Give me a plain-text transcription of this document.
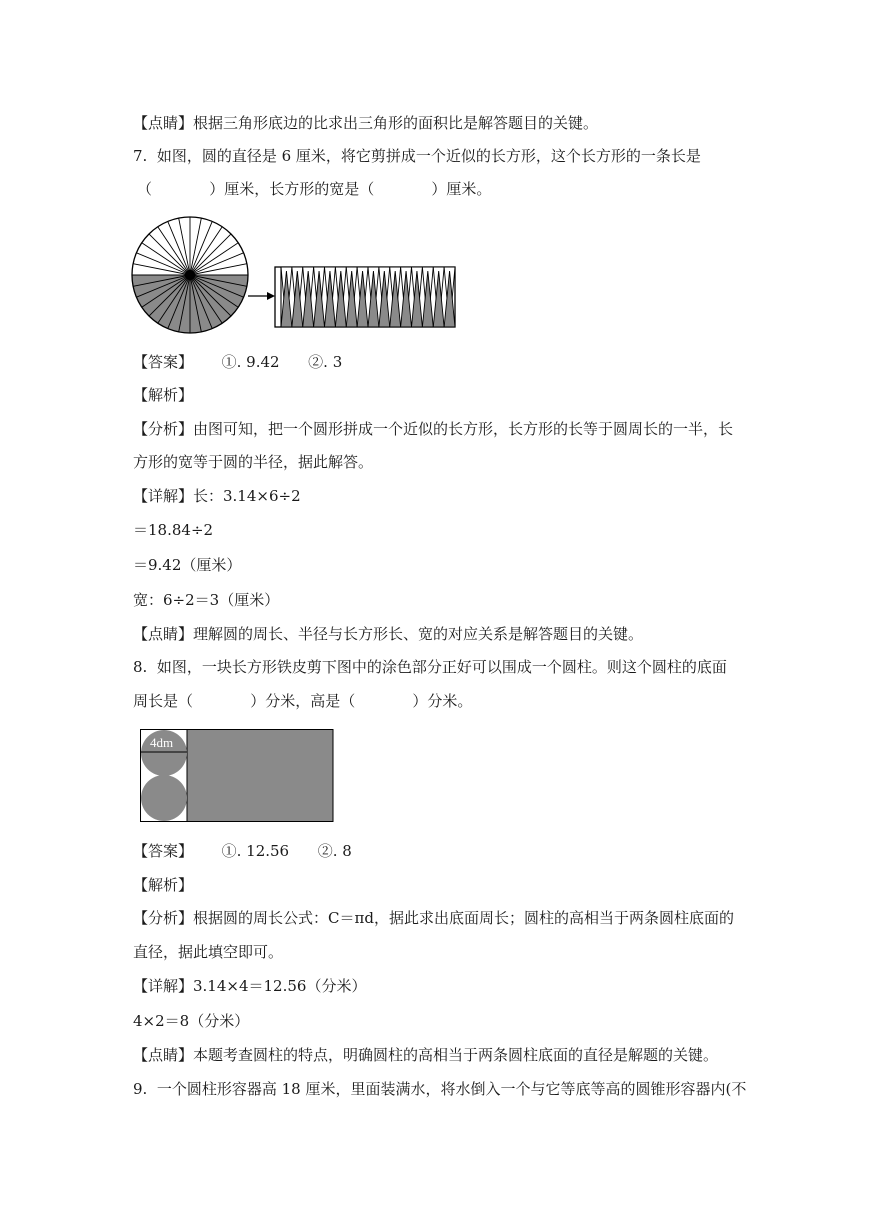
【点睛】根据三角形底边的比求出三角形的面积比是解答题目的关键。
7.  如图，圆的直径是 6 厘米，将它剪拼成一个近似的长方形，这个长方形的一条长是
（            ）厘米，长方形的宽是（            ）厘米。
【答案】      ①. 9.42      ②. 3
【解析】
【分析】由图可知，把一个圆形拼成一个近似的长方形，长方形的长等于圆周长的一半，长
方形的宽等于圆的半径，据此解答。
【详解】长：3.14×6÷2
＝18.84÷2
＝9.42（厘米）
宽：6÷2＝3（厘米）
【点睛】理解圆的周长、半径与长方形长、宽的对应关系是解答题目的关键。
8.  如图，一块长方形铁皮剪下图中的涂色部分正好可以围成一个圆柱。则这个圆柱的底面
周长是（            ）分米，高是（            ）分米。
4dm
【答案】      ①. 12.56      ②. 8
【解析】
【分析】根据圆的周长公式：C＝πd，据此求出底面周长；圆柱的高相当于两条圆柱底面的
直径，据此填空即可。
【详解】3.14×4＝12.56（分米）
4×2＝8（分米）
【点睛】本题考查圆柱的特点，明确圆柱的高相当于两条圆柱底面的直径是解题的关键。
9.  一个圆柱形容器高 18 厘米，里面装满水，将水倒入一个与它等底等高的圆锥形容器内(不
